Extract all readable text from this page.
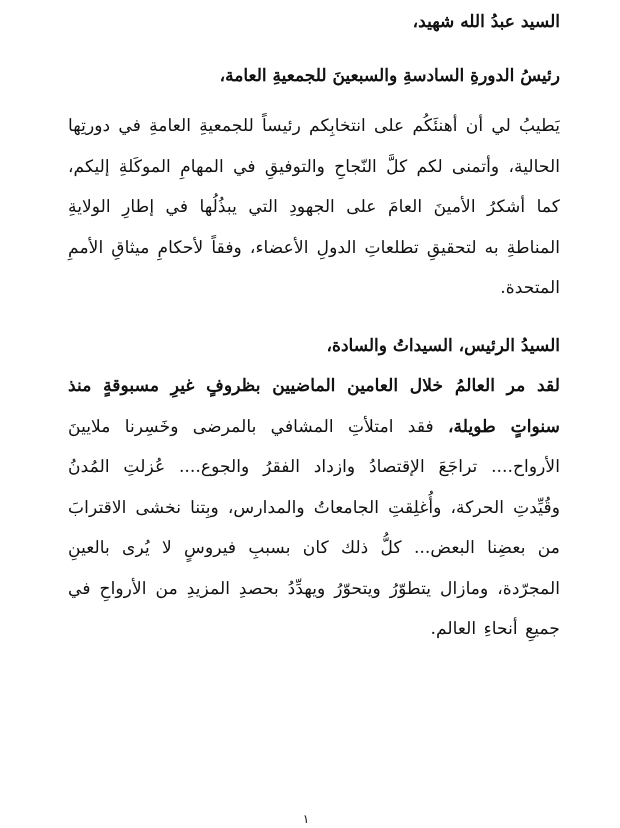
السيد عبدُ الله شهيد،
رئيسُ الدورةِ السادسةِ والسبعينَ للجمعيةِ العامة،
يَطيبُ لي أن أهنئَكُم على انتخابِكم رئيساً للجمعيةِ العامةِ في دورتِها الحالية، وأتمنى لكم كلَّ النّجاحِ والتوفيقِ في المهامِ الموكَلةِ إليكم، كما أشكرُ الأمينَ العامَ على الجهودِ التي يبذُلُها في إطارِ الولايةِ المناطةِ به لتحقيقِ تطلعاتِ الدولِ الأعضاء، وفقاً لأحكامِ ميثاقِ الأممِ المتحدة.
السيدُ الرئيس، السيداتُ والسادة،
لقد مر العالمُ خلال العامين الماضيين بظروفٍ غيرِ مسبوقةٍ منذ سنواتٍ طويلة، فقد امتلأتِ المشافي بالمرضى وخَسِرنا ملايينَ الأرواح.... تراجَعَ الإقتصادُ وازداد الفقرُ والجوع.... عُزلتِ المُدنُ وقُيِّدتِ الحركة، وأُغلِقتِ الجامعاتُ والمدارس، وبِتنا نخشى الاقترابَ من بعضِنا البعض... كلُّ ذلك كان بسببِ فيروسٍ لا يُرى بالعينِ المجرّدة، ومازال يتطوّرُ ويتحوّرُ ويهدِّدُ بحصدِ المزيدِ من الأرواحِ في جميعِ أنحاءِ العالم.
١
